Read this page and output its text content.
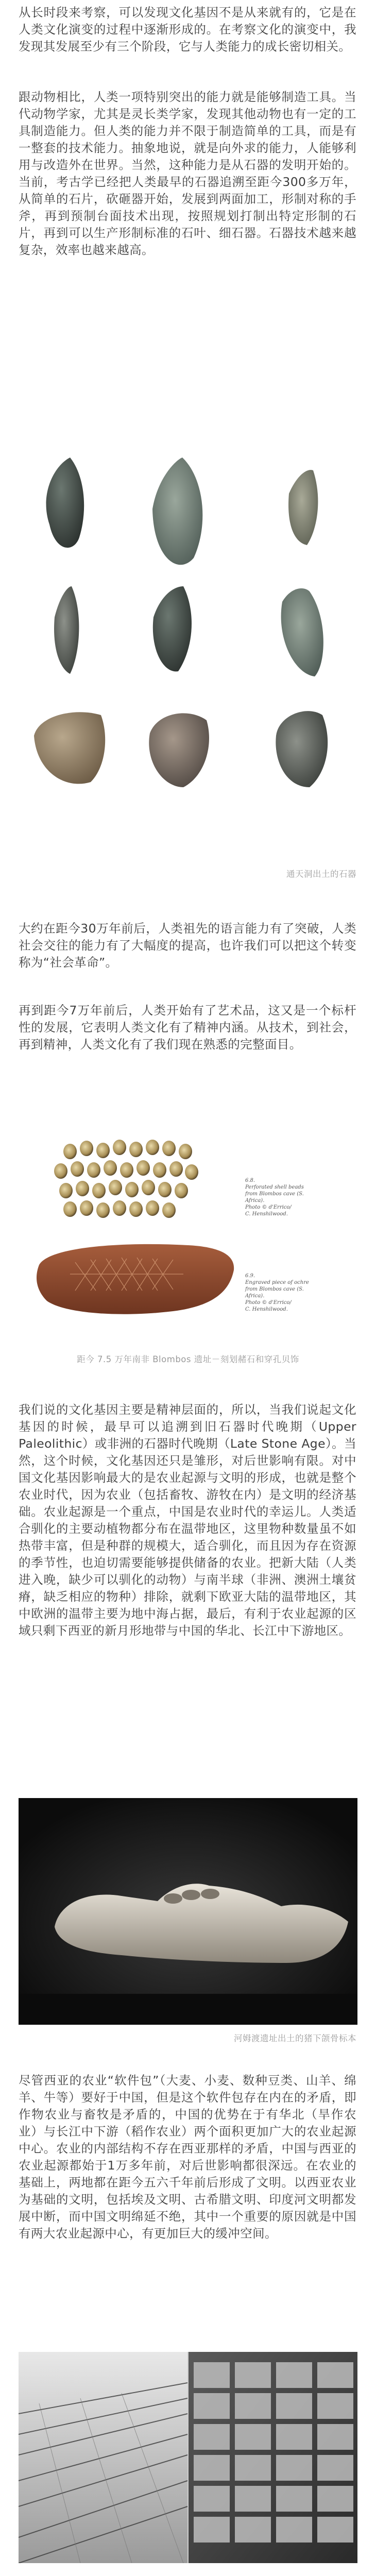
从长时段来考察，可以发现文化基因不是从来就有的，它是在人类文化演变的过程中逐渐形成的。在考察文化的演变中，我发现其发展至少有三个阶段，它与人类能力的成长密切相关。

跟动物相比，人类一项特别突出的能力就是能够制造工具。当代动物学家，尤其是灵长类学家，发现其他动物也有一定的工具制造能力。但人类的能力并不限于制造简单的工具，而是有一整套的技术能力。抽象地说，就是向外求的能力，人能够利用与改造外在世界。当然，这种能力是从石器的发明开始的。当前，考古学已经把人类最早的石器追溯至距今300多万年，从简单的石片，砍砸器开始，发展到两面加工，形制对称的手斧，再到预制台面技术出现，按照规划打制出特定形制的石片，再到可以生产形制标准的石叶、细石器。石器技术越来越复杂，效率也越来越高。

通天洞出土的石器

大约在距今30万年前后，人类祖先的语言能力有了突破，人类社会交往的能力有了大幅度的提高，也许我们可以把这个转变称为“社会革命”。

再到距今7万年前后，人类开始有了艺术品，这又是一个标杆性的发展，它表明人类文化有了精神内涵。从技术，到社会，再到精神，人类文化有了我们现在熟悉的完整面目。

6.8.
Perforated shell beads
from Blombos cave (S.
Africa).
Photo © d'Errico/
C. Henshilwood.
6.9.
Engraved piece of ochre
from Blombos cave (S.
Africa).
Photo © d'Errico/
C. Henshilwood.
距今 7.5 万年南非 Blombos 遗址－刻划赭石和穿孔贝饰

我们说的文化基因主要是精神层面的，所以，当我们说起文化基因的时候，最早可以追溯到旧石器时代晚期（Upper Paleolithic）或非洲的石器时代晚期（Late Stone Age）。当然，这个时候，文化基因还只是雏形，对后世影响有限。对中国文化基因影响最大的是农业起源与文明的形成，也就是整个农业时代，因为农业（包括畜牧、游牧在内）是文明的经济基础。农业起源是一个重点，中国是农业时代的幸运儿。人类适合驯化的主要动植物都分布在温带地区，这里物种数量虽不如热带丰富，但是种群的规模大，适合驯化，而且因为存在资源的季节性，也迫切需要能够提供储备的农业。把新大陆（人类进入晚，缺少可以驯化的动物）与南半球（非洲、澳洲土壤贫瘠，缺乏相应的物种）排除，就剩下欧亚大陆的温带地区，其中欧洲的温带主要为地中海占据，最后，有利于农业起源的区域只剩下西亚的新月形地带与中国的华北、长江中下游地区。

河姆渡遗址出土的猪下颌骨标本

尽管西亚的农业“软件包”（大麦、小麦、数种豆类、山羊、绵羊、牛等）要好于中国，但是这个软件包存在内在的矛盾，即作物农业与畜牧是矛盾的，中国的优势在于有华北（旱作农业）与长江中下游（稻作农业）两个面积更加广大的农业起源中心。农业的内部结构不存在西亚那样的矛盾，中国与西亚的农业起源都始于1万多年前，对后世影响都很深远。在农业的基础上，两地都在距今五六千年前后形成了文明。以西亚农业为基础的文明，包括埃及文明、古希腊文明、印度河文明都发展中断，而中国文明绵延不绝，其中一个重要的原因就是中国有两大农业起源中心，有更加巨大的缓冲空间。
